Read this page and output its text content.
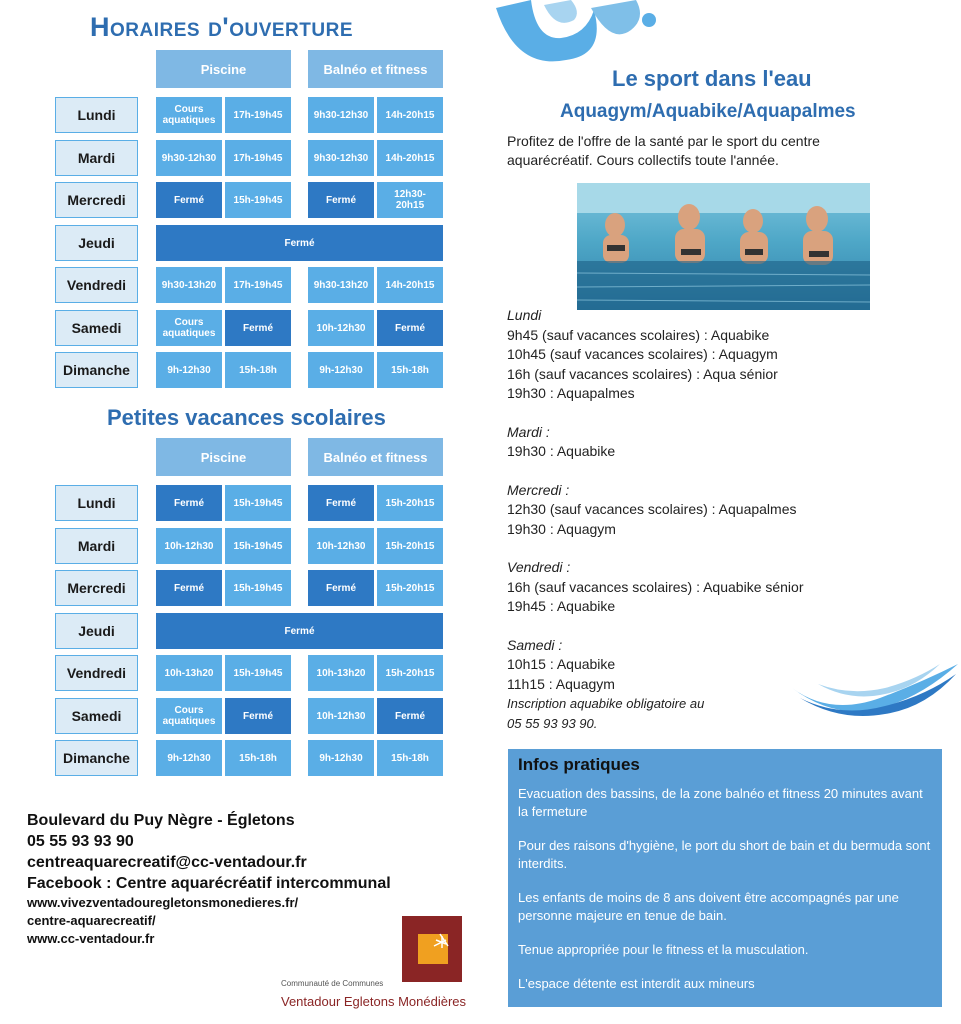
Horaires d'ouverture
Piscine	Balnéo et fitness
Lundi	Cours aquatiques	17h-19h45	9h30-12h30	14h-20h15
Mardi	9h30-12h30	17h-19h45	9h30-12h30	14h-20h15
Mercredi	Fermé	15h-19h45	Fermé	12h30-20h15
Jeudi	Fermé
Vendredi	9h30-13h20	17h-19h45	9h30-13h20	14h-20h15
Samedi	Cours aquatiques	Fermé	10h-12h30	Fermé
Dimanche	9h-12h30	15h-18h	9h-12h30	15h-18h
Petites vacances scolaires
Piscine	Balnéo et fitness
Lundi	Fermé	15h-19h45	Fermé	15h-20h15
Mardi	10h-12h30	15h-19h45	10h-12h30	15h-20h15
Mercredi	Fermé	15h-19h45	Fermé	15h-20h15
Jeudi	Fermé
Vendredi	10h-13h20	15h-19h45	10h-13h20	15h-20h15
Samedi	Cours aquatiques	Fermé	10h-12h30	Fermé
Dimanche	9h-12h30	15h-18h	9h-12h30	15h-18h
Boulevard du Puy Nègre - Égletons
05 55 93 93 90
centreaquarecreatif@cc-ventadour.fr
Facebook : Centre aquarécréatif intercommunal
www.vivezventadouregletonsmonedieres.fr/
centre-aquarecreatif/
www.cc-ventadour.fr
Communauté de Communes
Ventadour Egletons Monédières
Le sport dans l'eau
Aquagym/Aquabike/Aquapalmes
Profitez de l'offre de la santé par le sport du centre
aquarécréatif. Cours collectifs toute l'année.
Lundi
9h45 (sauf vacances scolaires) : Aquabike
10h45 (sauf vacances scolaires) : Aquagym
16h (sauf vacances scolaires) : Aqua sénior
19h30 : Aquapalmes
Mardi :
19h30 : Aquabike
Mercredi :
12h30 (sauf vacances scolaires) : Aquapalmes
19h30 : Aquagym
Vendredi :
16h (sauf vacances scolaires) : Aquabike sénior
19h45 : Aquabike
Samedi :
10h15 : Aquabike
11h15 : Aquagym
Inscription aquabike obligatoire au
05 55 93 93 90.
Infos pratiques

Evacuation des bassins, de la zone balnéo et fitness 20 minutes avant la fermeture

Pour des raisons d'hygiène, le port du short de bain et du bermuda sont interdits.

Les enfants de moins de 8 ans doivent être accompagnés par une personne majeure en tenue de bain.

Tenue appropriée pour le fitness et la musculation.

L'espace détente est interdit aux mineurs
